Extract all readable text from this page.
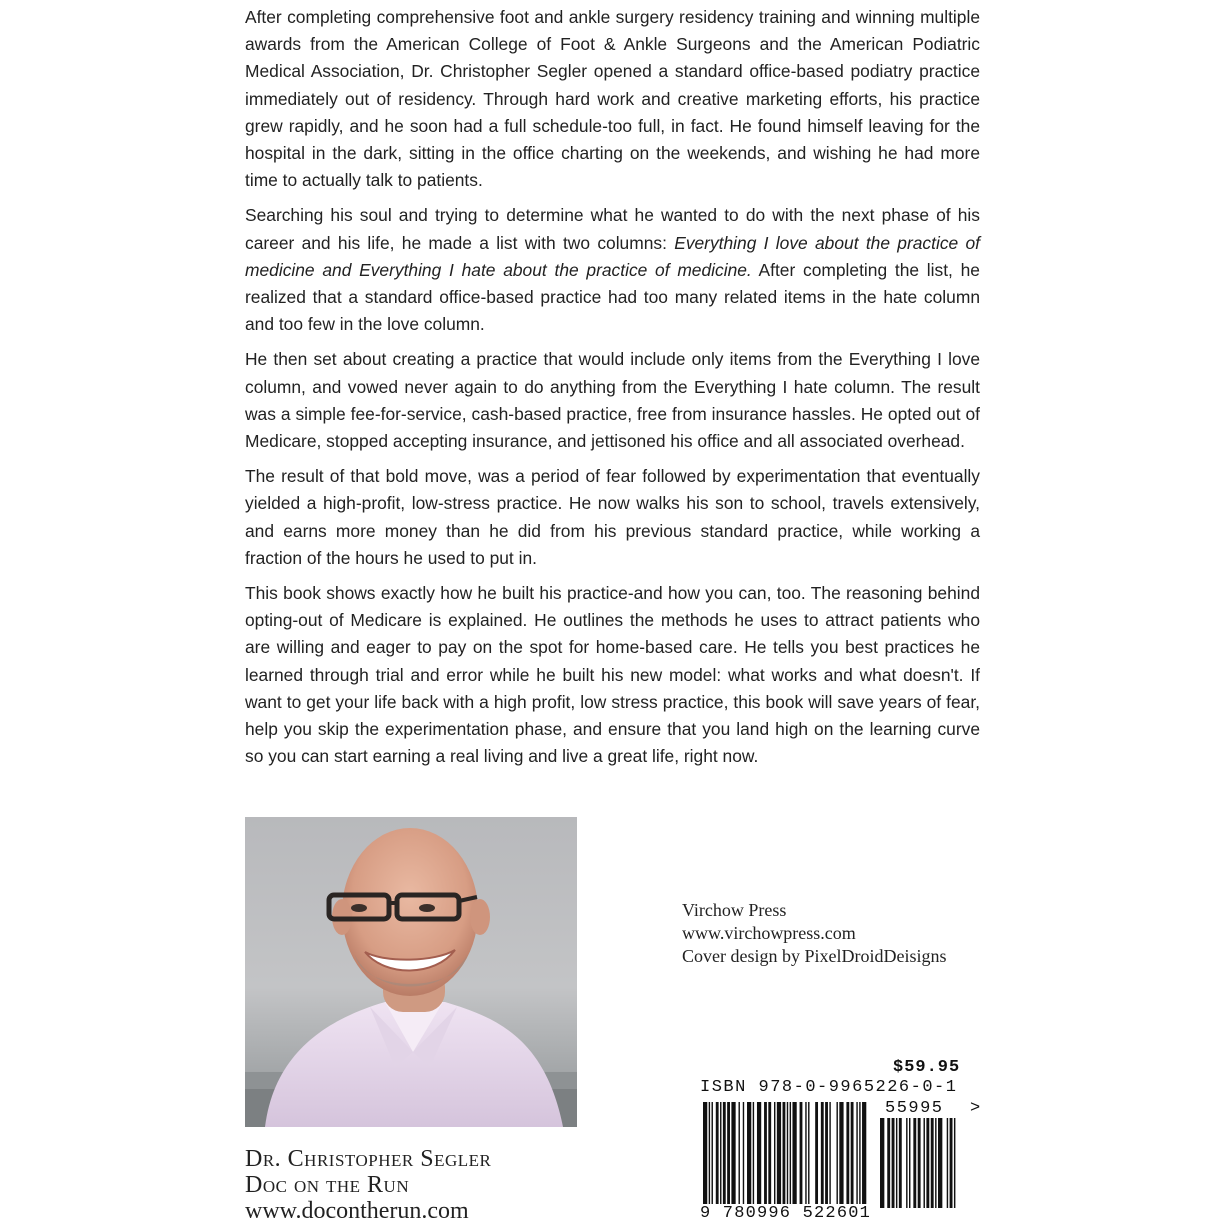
After completing comprehensive foot and ankle surgery residency training and winning multiple awards from the American College of Foot & Ankle Surgeons and the American Podiatric Medical Association, Dr. Christopher Segler opened a standard office-based podiatry practice immediately out of residency. Through hard work and creative marketing efforts, his practice grew rapidly, and he soon had a full schedule-too full, in fact. He found himself leaving for the hospital in the dark, sitting in the office charting on the weekends, and wishing he had more time to actually talk to patients.

Searching his soul and trying to determine what he wanted to do with the next phase of his career and his life, he made a list with two columns: Everything I love about the practice of medicine and Everything I hate about the practice of medicine. After completing the list, he realized that a standard office-based practice had too many related items in the hate column and too few in the love column.

He then set about creating a practice that would include only items from the Everything I love column, and vowed never again to do anything from the Everything I hate column. The result was a simple fee-for-service, cash-based practice, free from insurance hassles. He opted out of Medicare, stopped accepting insurance, and jettisoned his office and all associated overhead.

The result of that bold move, was a period of fear followed by experimentation that eventually yielded a high-profit, low-stress practice. He now walks his son to school, travels extensively, and earns more money than he did from his previous standard practice, while working a fraction of the hours he used to put in.

This book shows exactly how he built his practice-and how you can, too. The reasoning behind opting-out of Medicare is explained. He outlines the methods he uses to attract patients who are willing and eager to pay on the spot for home-based care. He tells you best practices he learned through trial and error while he built his new model: what works and what doesn't. If want to get your life back with a high profit, low stress practice, this book will save years of fear, help you skip the experimentation phase, and ensure that you land high on the learning curve so you can start earning a real living and live a great life, right now.

Dr. Christopher Segler
Doc on the Run
www.docontherun.com
Virchow Press
www.virchowpress.com
Cover design by PixelDroidDeisigns
$59.95
ISBN 978-0-9965226-0-1
55995 >
9 780996 522601
